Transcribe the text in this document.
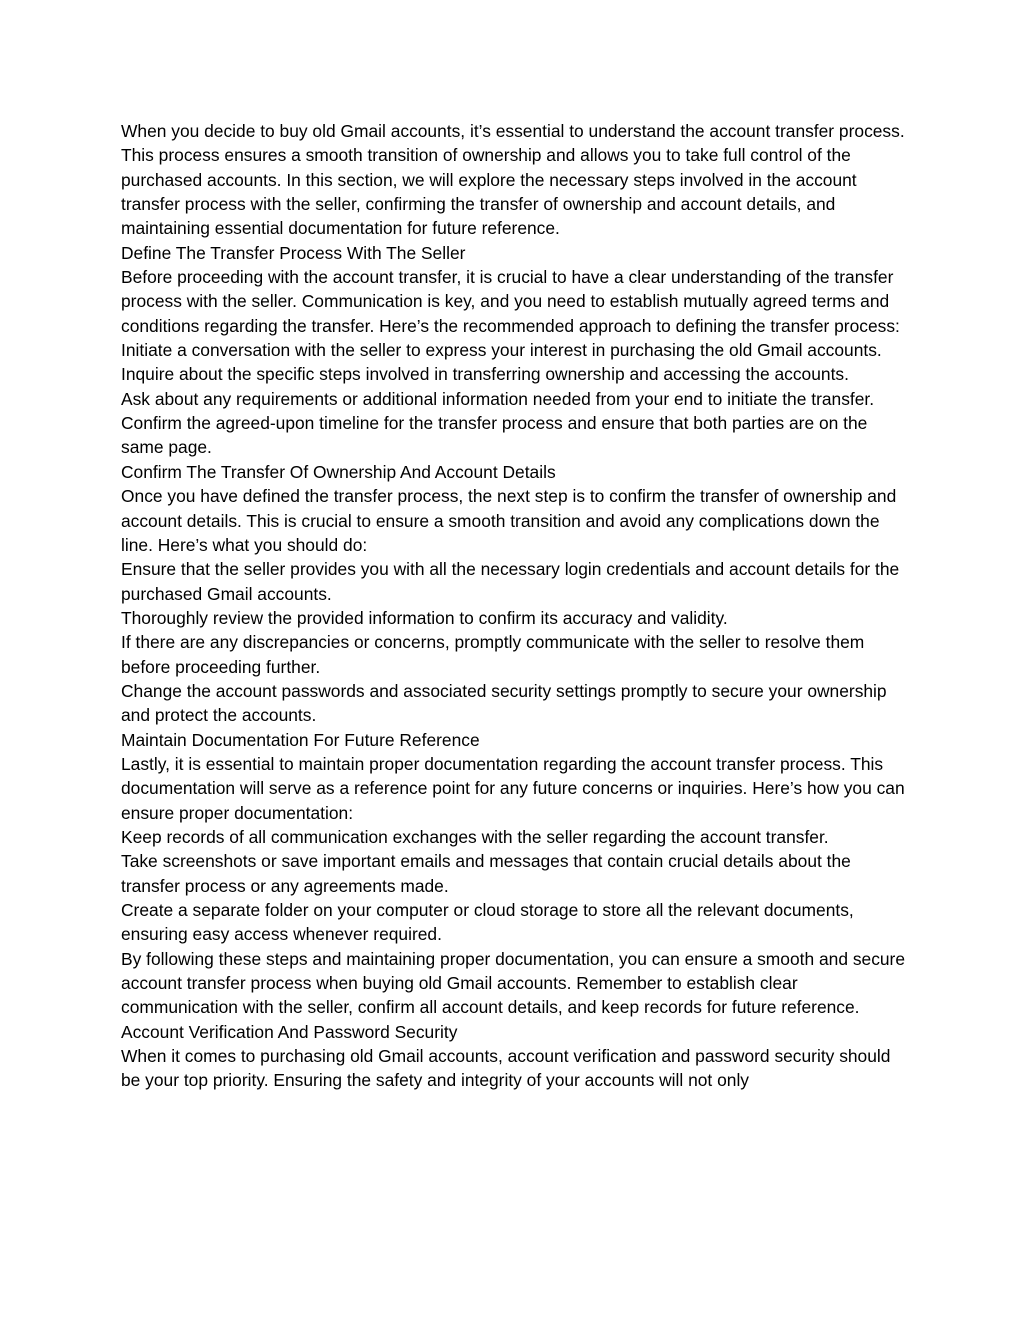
When you decide to buy old Gmail accounts, it’s essential to understand the account transfer process. This process ensures a smooth transition of ownership and allows you to take full control of the purchased accounts. In this section, we will explore the necessary steps involved in the account transfer process with the seller, confirming the transfer of ownership and account details, and maintaining essential documentation for future reference.

Define The Transfer Process With The Seller

Before proceeding with the account transfer, it is crucial to have a clear understanding of the transfer process with the seller. Communication is key, and you need to establish mutually agreed terms and conditions regarding the transfer. Here’s the recommended approach to defining the transfer process:

Initiate a conversation with the seller to express your interest in purchasing the old Gmail accounts.

Inquire about the specific steps involved in transferring ownership and accessing the accounts.

Ask about any requirements or additional information needed from your end to initiate the transfer.

Confirm the agreed-upon timeline for the transfer process and ensure that both parties are on the same page.

Confirm The Transfer Of Ownership And Account Details

Once you have defined the transfer process, the next step is to confirm the transfer of ownership and account details. This is crucial to ensure a smooth transition and avoid any complications down the line. Here’s what you should do:

Ensure that the seller provides you with all the necessary login credentials and account details for the purchased Gmail accounts.

Thoroughly review the provided information to confirm its accuracy and validity.

If there are any discrepancies or concerns, promptly communicate with the seller to resolve them before proceeding further.

Change the account passwords and associated security settings promptly to secure your ownership and protect the accounts.

Maintain Documentation For Future Reference

Lastly, it is essential to maintain proper documentation regarding the account transfer process. This documentation will serve as a reference point for any future concerns or inquiries. Here’s how you can ensure proper documentation:

Keep records of all communication exchanges with the seller regarding the account transfer.

Take screenshots or save important emails and messages that contain crucial details about the transfer process or any agreements made.

Create a separate folder on your computer or cloud storage to store all the relevant documents, ensuring easy access whenever required.

By following these steps and maintaining proper documentation, you can ensure a smooth and secure account transfer process when buying old Gmail accounts. Remember to establish clear communication with the seller, confirm all account details, and keep records for future reference.

Account Verification And Password Security

When it comes to purchasing old Gmail accounts, account verification and password security should be your top priority. Ensuring the safety and integrity of your accounts will not only
